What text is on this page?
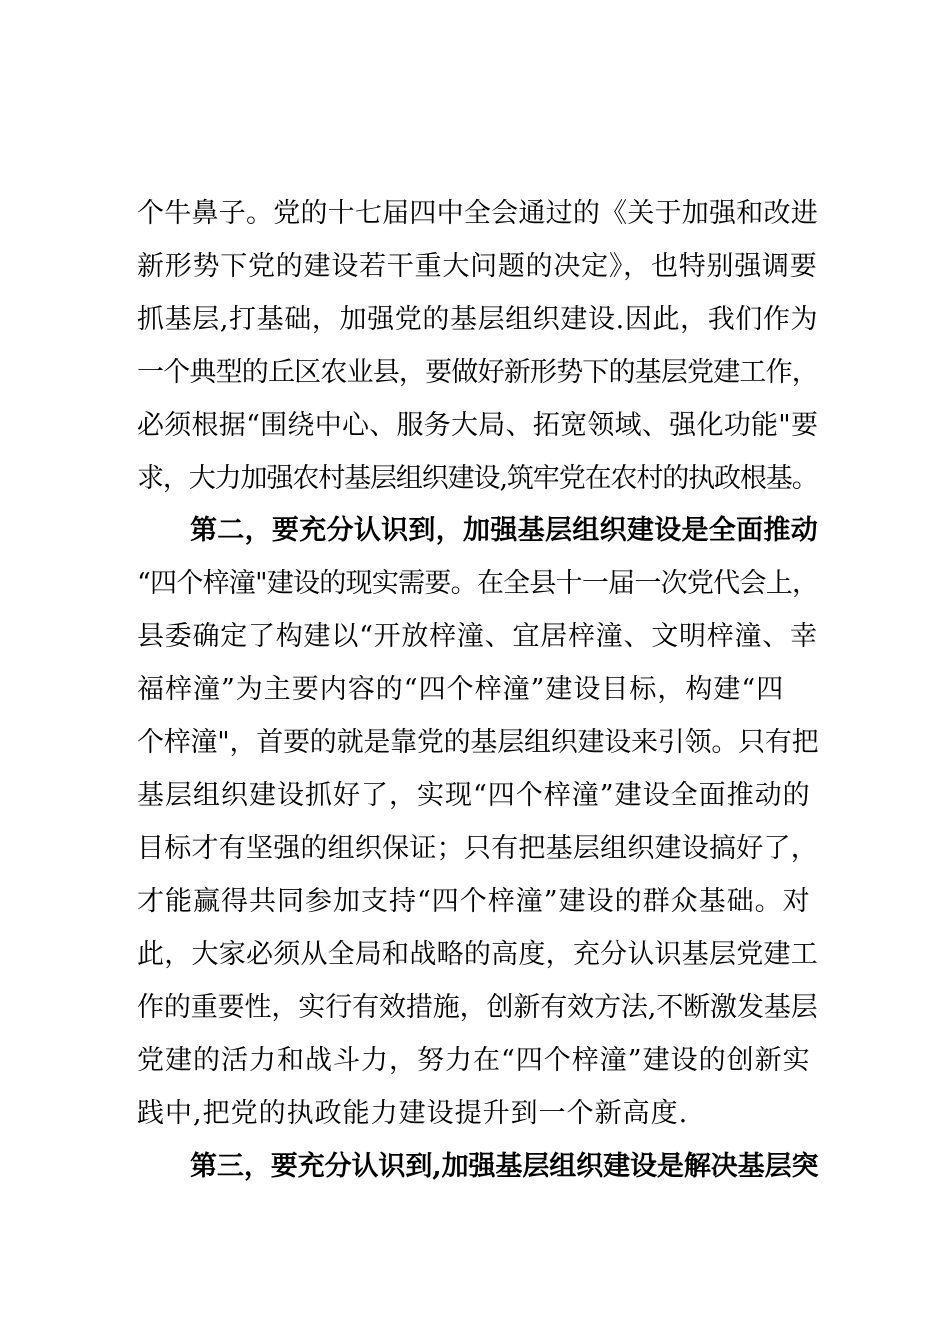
个牛鼻子。党的十七届四中全会通过的《关于加强和改进

新形势下党的建设若干重大问题的决定》，也特别强调要

抓基层,打基础，加强党的基层组织建设.因此，我们作为

一个典型的丘区农业县，要做好新形势下的基层党建工作，

必须根据“围绕中心、服务大局、拓宽领域、强化功能"要

求，大力加强农村基层组织建设,筑牢党在农村的执政根基。

第二，要充分认识到，加强基层组织建设是全面推动

“四个梓潼"建设的现实需要。在全县十一届一次党代会上，

县委确定了构建以“开放梓潼、宜居梓潼、文明梓潼、幸

福梓潼”为主要内容的“四个梓潼”建设目标，构建“四

个梓潼"，首要的就是靠党的基层组织建设来引领。只有把

基层组织建设抓好了，实现“四个梓潼”建设全面推动的

目标才有坚强的组织保证；只有把基层组织建设搞好了，

才能赢得共同参加支持“四个梓潼”建设的群众基础。对

此，大家必须从全局和战略的高度，充分认识基层党建工

作的重要性，实行有效措施，创新有效方法,不断激发基层

党建的活力和战斗力，努力在“四个梓潼”建设的创新实

践中,把党的执政能力建设提升到一个新高度.

第三，要充分认识到,加强基层组织建设是解决基层突
